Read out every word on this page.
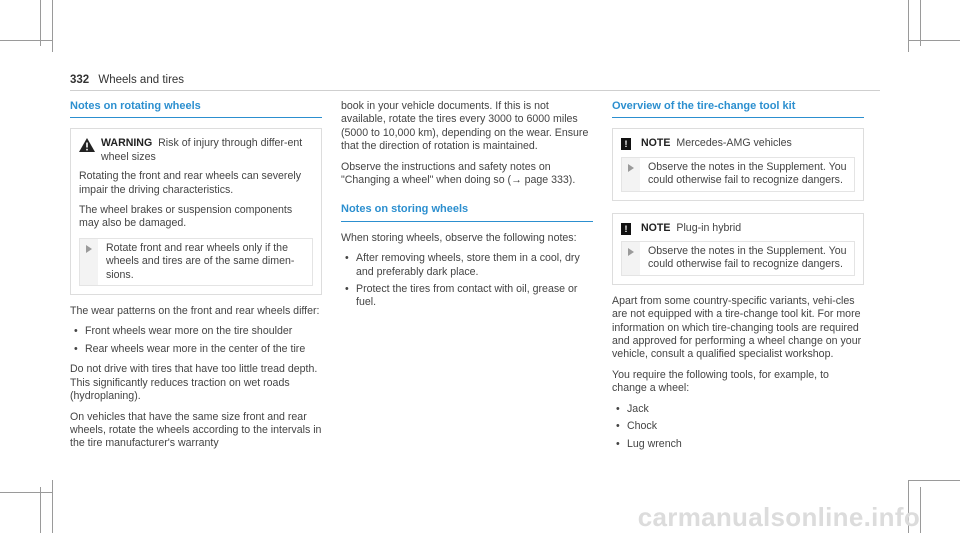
332 Wheels and tires
Notes on rotating wheels
WARNING Risk of injury through differ-ent wheel sizes

Rotating the front and rear wheels can severely impair the driving characteristics.

The wheel brakes or suspension components may also be damaged.

Rotate front and rear wheels only if the wheels and tires are of the same dimen-sions.

The wear patterns on the front and rear wheels differ:

• Front wheels wear more on the tire shoulder
• Rear wheels wear more in the center of the tire

Do not drive with tires that have too little tread depth. This significantly reduces traction on wet roads (hydroplaning).

On vehicles that have the same size front and rear wheels, rotate the wheels according to the intervals in the tire manufacturer's warranty

book in your vehicle documents. If this is not available, rotate the tires every 3000 to 6000 miles (5000 to 10,000 km), depending on the wear. Ensure that the direction of rotation is maintained.

Observe the instructions and safety notes on "Changing a wheel" when doing so (→ page 333).

Notes on storing wheels

When storing wheels, observe the following notes:

• After removing wheels, store them in a cool, dry and preferably dark place.
• Protect the tires from contact with oil, grease or fuel.
Overview of the tire-change tool kit
!	NOTE Mercedes-AMG vehicles
Observe the notes in the Supplement. You could otherwise fail to recognize dangers.
!	NOTE Plug-in hybrid
Observe the notes in the Supplement. You could otherwise fail to recognize dangers.

Apart from some country-specific variants, vehi-cles are not equipped with a tire-change tool kit. For more information on which tire-changing tools are required and approved for performing a wheel change on your vehicle, consult a qualified specialist workshop.

You require the following tools, for example, to change a wheel:

• Jack
• Chock
• Lug wrench
carmanualsonline.info
